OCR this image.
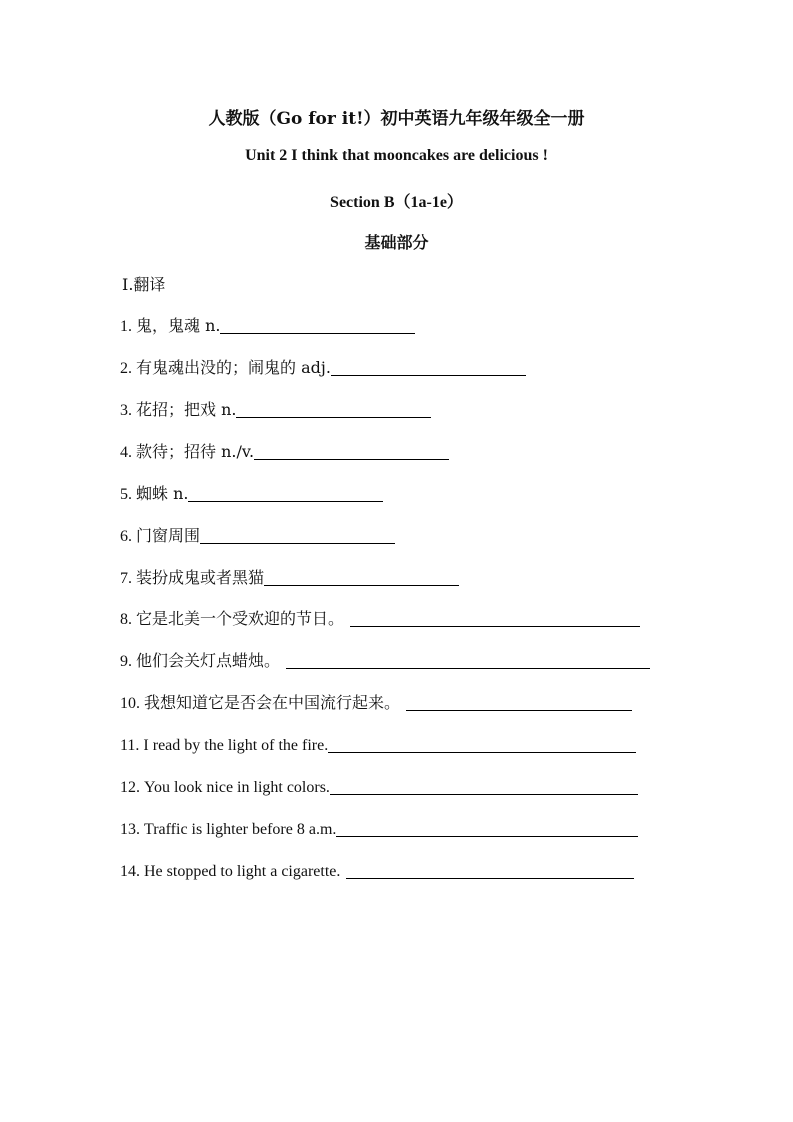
人教版（Go for it!）初中英语九年级年级全一册
Unit 2 I think that mooncakes are delicious !
Section B（1a-1e）
基础部分
Ⅰ.翻译
1. 鬼，鬼魂 n.
2. 有鬼魂出没的；闹鬼的 adj.
3. 花招；把戏 n.
4. 款待；招待 n./v.
5. 蜘蛛 n.
6. 门窗周围
7. 装扮成鬼或者黑猫
8. 它是北美一个受欢迎的节日。
9. 他们会关灯点蜡烛。
10. 我想知道它是否会在中国流行起来。
11. I read by the light of the fire.
12. You look nice in light colors.
13. Traffic is lighter before 8 a.m.
14. He stopped to light a cigarette.
